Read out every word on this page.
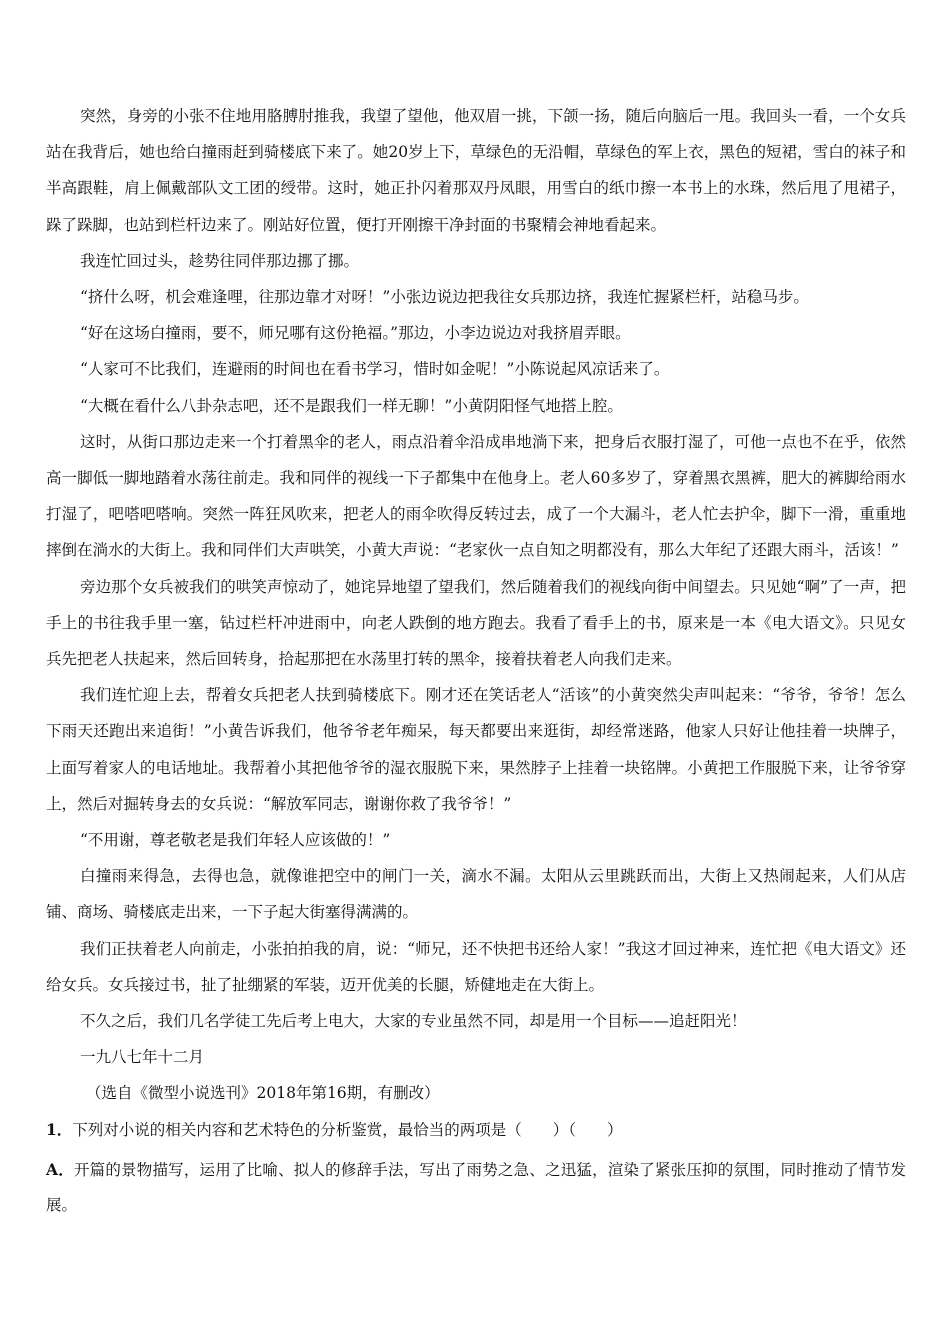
突然，身旁的小张不住地用胳膊肘推我，我望了望他，他双眉一挑，下颌一扬，随后向脑后一甩。我回头一看，一个女兵站在我背后，她也给白撞雨赶到骑楼底下来了。她20岁上下，草绿色的无沿帽，草绿色的军上衣，黑色的短裙，雪白的袜子和半高跟鞋，肩上佩戴部队文工团的绶带。这时，她正扑闪着那双丹凤眼，用雪白的纸巾擦一本书上的水珠，然后甩了甩裙子，跺了跺脚，也站到栏杆边来了。刚站好位置，便打开刚擦干净封面的书聚精会神地看起来。

我连忙回过头，趁势往同伴那边挪了挪。

“挤什么呀，机会难逢哩，往那边靠才对呀！”小张边说边把我往女兵那边挤，我连忙握紧栏杆，站稳马步。

“好在这场白撞雨，要不，师兄哪有这份艳福。”那边，小李边说边对我挤眉弄眼。

“人家可不比我们，连避雨的时间也在看书学习，惜时如金呢！”小陈说起风凉话来了。

“大概在看什么八卦杂志吧，还不是跟我们一样无聊！”小黄阴阳怪气地搭上腔。

这时，从街口那边走来一个打着黑伞的老人，雨点沿着伞沿成串地淌下来，把身后衣服打湿了，可他一点也不在乎，依然高一脚低一脚地踏着水荡往前走。我和同伴的视线一下子都集中在他身上。老人60多岁了，穿着黑衣黑裤，肥大的裤脚给雨水打湿了，吧嗒吧嗒响。突然一阵狂风吹来，把老人的雨伞吹得反转过去，成了一个大漏斗，老人忙去护伞，脚下一滑，重重地摔倒在淌水的大街上。我和同伴们大声哄笑，小黄大声说：“老家伙一点自知之明都没有，那么大年纪了还跟大雨斗，活该！”

旁边那个女兵被我们的哄笑声惊动了，她诧异地望了望我们，然后随着我们的视线向街中间望去。只见她“啊”了一声，把手上的书往我手里一塞，钻过栏杆冲进雨中，向老人跌倒的地方跑去。我看了看手上的书，原来是一本《电大语文》。只见女兵先把老人扶起来，然后回转身，拾起那把在水荡里打转的黑伞，接着扶着老人向我们走来。

我们连忙迎上去，帮着女兵把老人扶到骑楼底下。刚才还在笑话老人“活该”的小黄突然尖声叫起来：“爷爷，爷爷！怎么下雨天还跑出来追街！”小黄告诉我们，他爷爷老年痴呆，每天都要出来逛街，却经常迷路，他家人只好让他挂着一块牌子，上面写着家人的电话地址。我帮着小其把他爷爷的湿衣服脱下来，果然脖子上挂着一块铭牌。小黄把工作服脱下来，让爷爷穿上，然后对掘转身去的女兵说：“解放军同志，谢谢你救了我爷爷！”

“不用谢，尊老敬老是我们年轻人应该做的！”

白撞雨来得急，去得也急，就像谁把空中的闸门一关，滴水不漏。太阳从云里跳跃而出，大街上又热闹起来，人们从店铺、商场、骑楼底走出来，一下子起大街塞得满满的。

我们正扶着老人向前走，小张拍拍我的肩，说：“师兄，还不快把书还给人家！”我这才回过神来，连忙把《电大语文》还给女兵。女兵接过书，扯了扯绷紧的军装，迈开优美的长腿，矫健地走在大街上。

不久之后，我们几名学徒工先后考上电大，大家的专业虽然不同，却是用一个目标——追赶阳光！

一九八七年十二月

（选自《微型小说选刊》2018年第16期，有删改）

1．下列对小说的相关内容和艺术特色的分析鉴赏，最恰当的两项是（　　）（　　）

A．开篇的景物描写，运用了比喻、拟人的修辞手法，写出了雨势之急、之迅猛，渲染了紧张压抑的氛围，同时推动了情节发展。
